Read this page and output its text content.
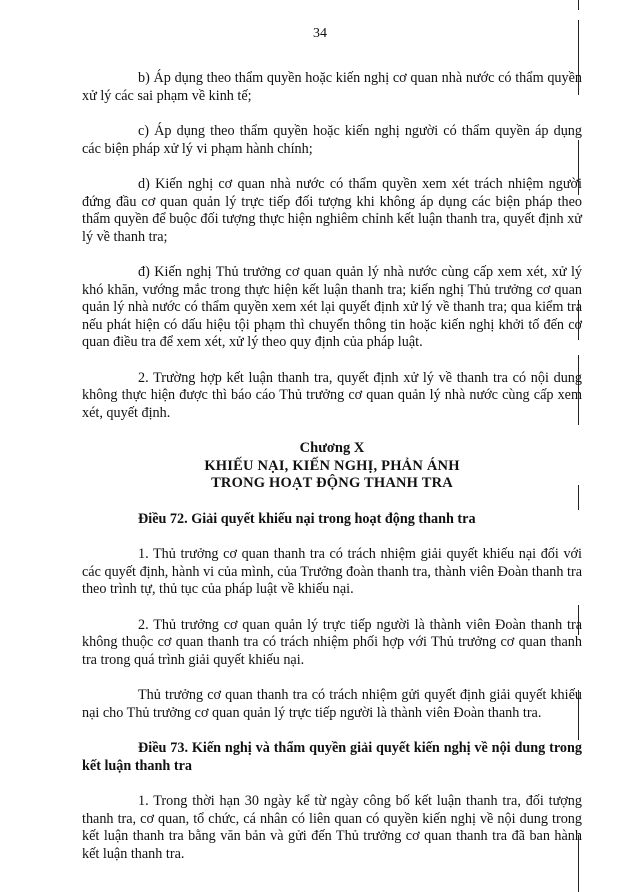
34

b) Áp dụng theo thẩm quyền hoặc kiến nghị cơ quan nhà nước có thẩm quyền xử lý các sai phạm về kinh tế;

c) Áp dụng theo thẩm quyền hoặc kiến nghị người có thẩm quyền áp dụng các biện pháp xử lý vi phạm hành chính;

d) Kiến nghị cơ quan nhà nước có thẩm quyền xem xét trách nhiệm người đứng đầu cơ quan quản lý trực tiếp đối tượng khi không áp dụng các biện pháp theo thẩm quyền để buộc đối tượng thực hiện nghiêm chỉnh kết luận thanh tra, quyết định xử lý về thanh tra;

đ) Kiến nghị Thủ trưởng cơ quan quản lý nhà nước cùng cấp xem xét, xử lý khó khăn, vướng mắc trong thực hiện kết luận thanh tra; kiến nghị Thủ trưởng cơ quan quản lý nhà nước có thẩm quyền xem xét lại quyết định xử lý về thanh tra; qua kiểm tra nếu phát hiện có dấu hiệu tội phạm thì chuyển thông tin hoặc kiến nghị khởi tố đến cơ quan điều tra để xem xét, xử lý theo quy định của pháp luật.

2. Trường hợp kết luận thanh tra, quyết định xử lý về thanh tra có nội dung không thực hiện được thì báo cáo Thủ trưởng cơ quan quản lý nhà nước cùng cấp xem xét, quyết định.

Chương X
KHIẾU NẠI, KIẾN NGHỊ, PHẢN ÁNH
TRONG HOẠT ĐỘNG THANH TRA

Điều 72. Giải quyết khiếu nại trong hoạt động thanh tra

1. Thủ trưởng cơ quan thanh tra có trách nhiệm giải quyết khiếu nại đối với các quyết định, hành vi của mình, của Trưởng đoàn thanh tra, thành viên Đoàn thanh tra theo trình tự, thủ tục của pháp luật về khiếu nại.

2. Thủ trưởng cơ quan quản lý trực tiếp người là thành viên Đoàn thanh tra không thuộc cơ quan thanh tra có trách nhiệm phối hợp với Thủ trưởng cơ quan thanh tra trong quá trình giải quyết khiếu nại.

Thủ trưởng cơ quan thanh tra có trách nhiệm gửi quyết định giải quyết khiếu nại cho Thủ trưởng cơ quan quản lý trực tiếp người là thành viên Đoàn thanh tra.

Điều 73. Kiến nghị và thẩm quyền giải quyết kiến nghị về nội dung trong kết luận thanh tra

1. Trong thời hạn 30 ngày kể từ ngày công bố kết luận thanh tra, đối tượng thanh tra, cơ quan, tổ chức, cá nhân có liên quan có quyền kiến nghị về nội dung trong kết luận thanh tra bằng văn bản và gửi đến Thủ trưởng cơ quan thanh tra đã ban hành kết luận thanh tra.
